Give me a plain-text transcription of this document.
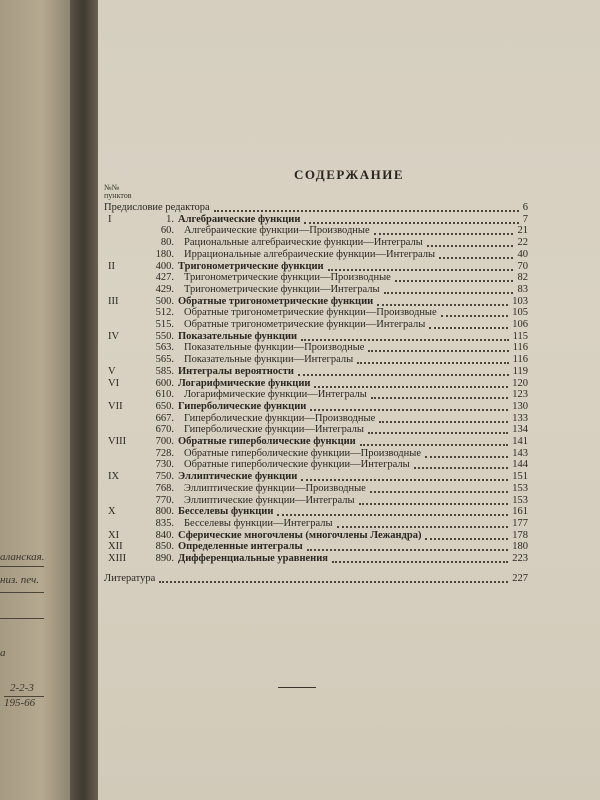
аланская.
низ. печ.
а
2-2-3
195-66
СОДЕРЖАНИЕ
№№
пунктов
Предисловие редактора	6
I	1. Алгебраические функции	7
60. Алгебраические функции—Производные	21
80. Рациональные алгебраические функции—Интегралы	22
180. Иррациональные алгебраические функции—Интегралы	40
II	400. Тригонометрические функции	70
427. Тригонометрические функции—Производные	82
429. Тригонометрические функции—Интегралы	83
III	500. Обратные тригонометрические функции	103
512. Обратные тригонометрические функции—Производные	105
515. Обратные тригонометрические функции—Интегралы	106
IV	550. Показательные функции	115
563. Показательные функции—Производные	116
565. Показательные функции—Интегралы	116
V	585. Интегралы вероятности	119
VI	600. Логарифмические функции	120
610. Логарифмические функции—Интегралы	123
VII	650. Гиперболические функции	130
667. Гиперболические функции—Производные	133
670. Гиперболические функции—Интегралы	134
VIII	700. Обратные гиперболические функции	141
728. Обратные гиперболические функции—Производные	143
730. Обратные гиперболические функции—Интегралы	144
IX	750. Эллиптические функции	151
768. Эллиптические функции—Производные	153
770. Эллиптические функции—Интегралы	153
X	800. Бесселевы функции	161
835. Бесселевы функции—Интегралы	177
XI	840. Сферические многочлены (многочлены Лежандра)	178
XII	850. Определенные интегралы	180
XIII	890. Дифференциальные уравнения	223
Литература	227
